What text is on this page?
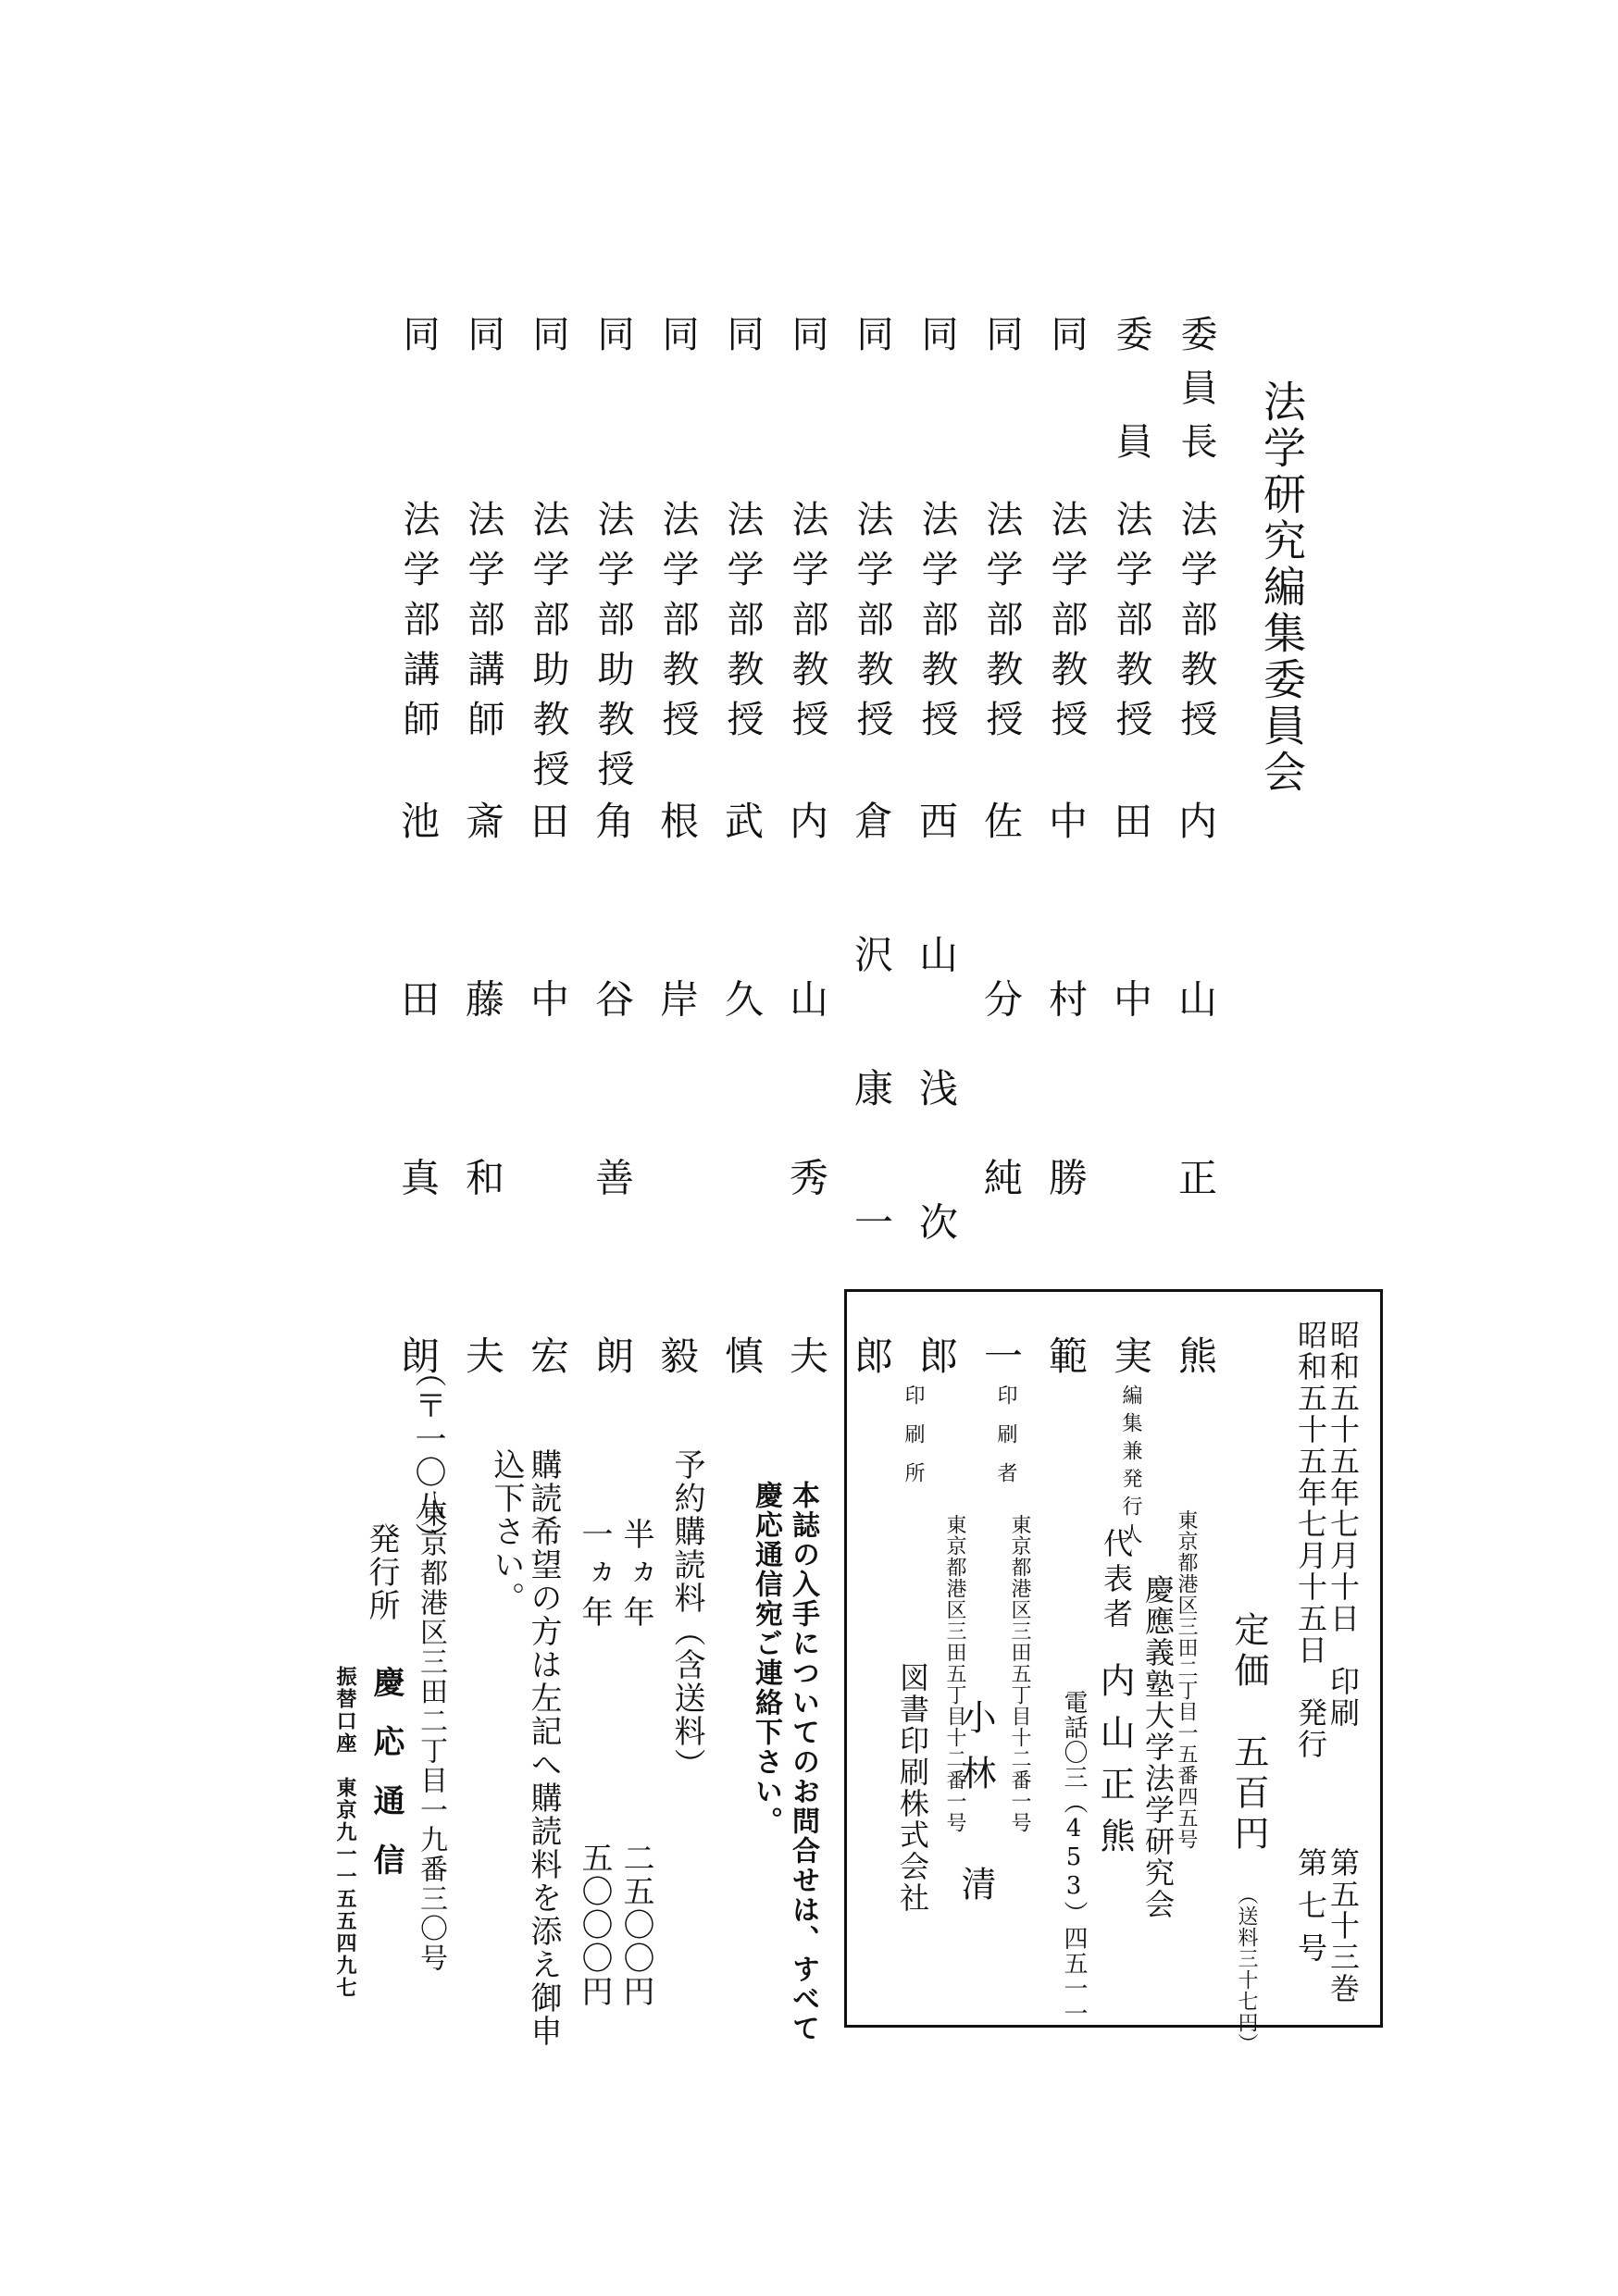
法学研究編集委員会
委員長
法学部教授
内山正熊
委　員
法学部教授
田中　実
同
法学部教授
中村勝範
同
法学部教授
佐分純一
同
法学部教授
西山浅次郎
同
法学部教授
倉沢康一郎
同
法学部教授
内山秀夫
同
法学部教授
武久　慎
同
法学部教授
根岸　毅
同
法学部助教授
角谷善朗
同
法学部助教授
田中　宏
同
法学部講師
斎藤和夫
同
法学部講師
池田真朗
昭和五十五年七月十日　印刷
昭和五十五年七月十五日　発行
第五十三巻
第七号
定価　五百円
（送料三十七円）
編集兼発行人
東京都港区三田二丁目一五番四五号
慶應義塾大学法学研究会
代表者
内山正熊
電話〇三（453）四五一一
印刷者
東京都港区三田五丁目十二番一号
小林　清
印刷所
東京都港区三田五丁目十二番一号
図書印刷株式会社
本誌の入手についてのお問合せは、すべて
慶応通信宛ご連絡下さい。
予約購読料（含送料）
半ヵ年
二五〇〇円
一ヵ年
五〇〇〇円
購読希望の方は左記へ購読料を添え御申
込下さい。
（〒一〇八）
東京都港区三田二丁目一九番三〇号
発行所
慶応通信
振替口座　東京九一一五五四九七
